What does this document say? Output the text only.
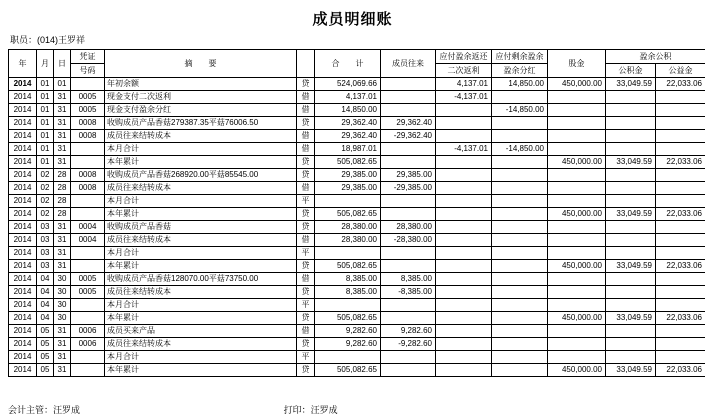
成员明细账
职员：(014)王罗祥
年	月	日	凭证	摘　　要		合　　计	成员往来	应付盈余返还	应付剩余盈余	股金	盈余公积	
			号码					二次返利	盈余分红		公积金	公益金
2014	01	01		年初余额	贷	524,069.66		4,137.01	14,850.00	450,000.00	33,049.59	22,033.06
2014	01	31	0005	现金支付二次返利	借	4,137.01		-4,137.01				
2014	01	31	0005	现金支付盈余分红	借	14,850.00			-14,850.00			
2014	01	31	0008	收购成员产品香菇279387.35平菇76006.50	贷	29,362.40	29,362.40					
2014	01	31	0008	成员往来结转成本	借	29,362.40	-29,362.40					
2014	01	31		本月合计	借	18,987.01		-4,137.01	-14,850.00			
2014	01	31		本年累计	贷	505,082.65				450,000.00	33,049.59	22,033.06
2014	02	28	0008	收购成员产品香菇268920.00平菇85545.00	贷	29,385.00	29,385.00					
2014	02	28	0008	成员往来结转成本	借	29,385.00	-29,385.00					
2014	02	28		本月合计	平							
2014	02	28		本年累计	贷	505,082.65				450,000.00	33,049.59	22,033.06
2014	03	31	0004	收购成员产品香菇	贷	28,380.00	28,380.00					
2014	03	31	0004	成员往来结转成本	借	28,380.00	-28,380.00					
2014	03	31		本月合计	平							
2014	03	31		本年累计	贷	505,082.65				450,000.00	33,049.59	22,033.06
2014	04	30	0005	收购成员产品香菇128070.00平菇73750.00	借	8,385.00	8,385.00					
2014	04	30	0005	成员往来结转成本	贷	8,385.00	-8,385.00					
2014	04	30		本月合计	平							
2014	04	30		本年累计	贷	505,082.65				450,000.00	33,049.59	22,033.06
2014	05	31	0006	成员买来产品	借	9,282.60	9,282.60					
2014	05	31	0006	成员往来结转成本	贷	9,282.60	-9,282.60					
2014	05	31		本月合计	平							
2014	05	31		本年累计	贷	505,082.65				450,000.00	33,049.59	22,033.06
会计主管：汪罗成	打印：汪罗成
